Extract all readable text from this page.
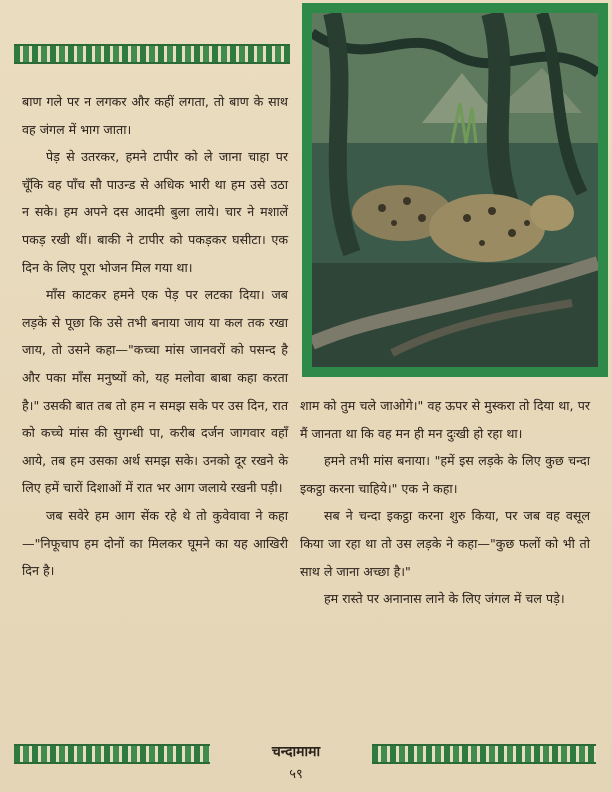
बाण गले पर न लगकर और कहीं लगता, तो बाण के साथ वह जंगल में भाग जाता।

पेड़ से उतरकर, हमने टापीर को ले जाना चाहा पर चूँकि वह पाँच सौ पाउन्ड से अधिक भारी था हम उसे उठा न सके। हम अपने दस आदमी बुला लाये। चार ने मशालें पकड़ रखी थीं। बाकी ने टापीर को पकड़कर घसीटा। एक दिन के लिए पूरा भोजन मिल गया था।

माँस काटकर हमने एक पेड़ पर लटका दिया। जब लड़के से पूछा कि उसे तभी बनाया जाय या कल तक रखा जाय, तो उसने कहा—"कच्चा मांस जानवरों को पसन्द है और पका माँस मनुष्यों को, यह मलोवा बाबा कहा करता है।" उसकी बात तब तो हम न समझ सके पर उस दिन, रात को कच्चे मांस की सुगन्धी पा, करीब दर्जन जागवार वहाँ आये, तब हम उसका अर्थ समझ सके। उनको दूर रखने के लिए हमें चारों दिशाओं में रात भर आग जलाये रखनी पड़ी।

जब सवेरे हम आग सेंक रहे थे तो कुवेवावा ने कहा—"निफूचाप हम दोनों का मिलकर घूमने का यह आखिरी दिन है।

शाम को तुम चले जाओगे।" वह ऊपर से मुस्करा तो दिया था, पर मैं जानता था कि वह मन ही मन दुःखी हो रहा था।

हमने तभी मांस बनाया। "हमें इस लड़के के लिए कुछ चन्दा इकट्ठा करना चाहिये।" एक ने कहा।

सब ने चन्दा इकट्ठा करना शुरु किया, पर जब वह वसूल किया जा रहा था तो उस लड़के ने कहा—"कुछ फलों को भी तो साथ ले जाना अच्छा है।"

हम रास्ते पर अनानास लाने के लिए जंगल में चल पड़े।

चन्दामामा
५९
